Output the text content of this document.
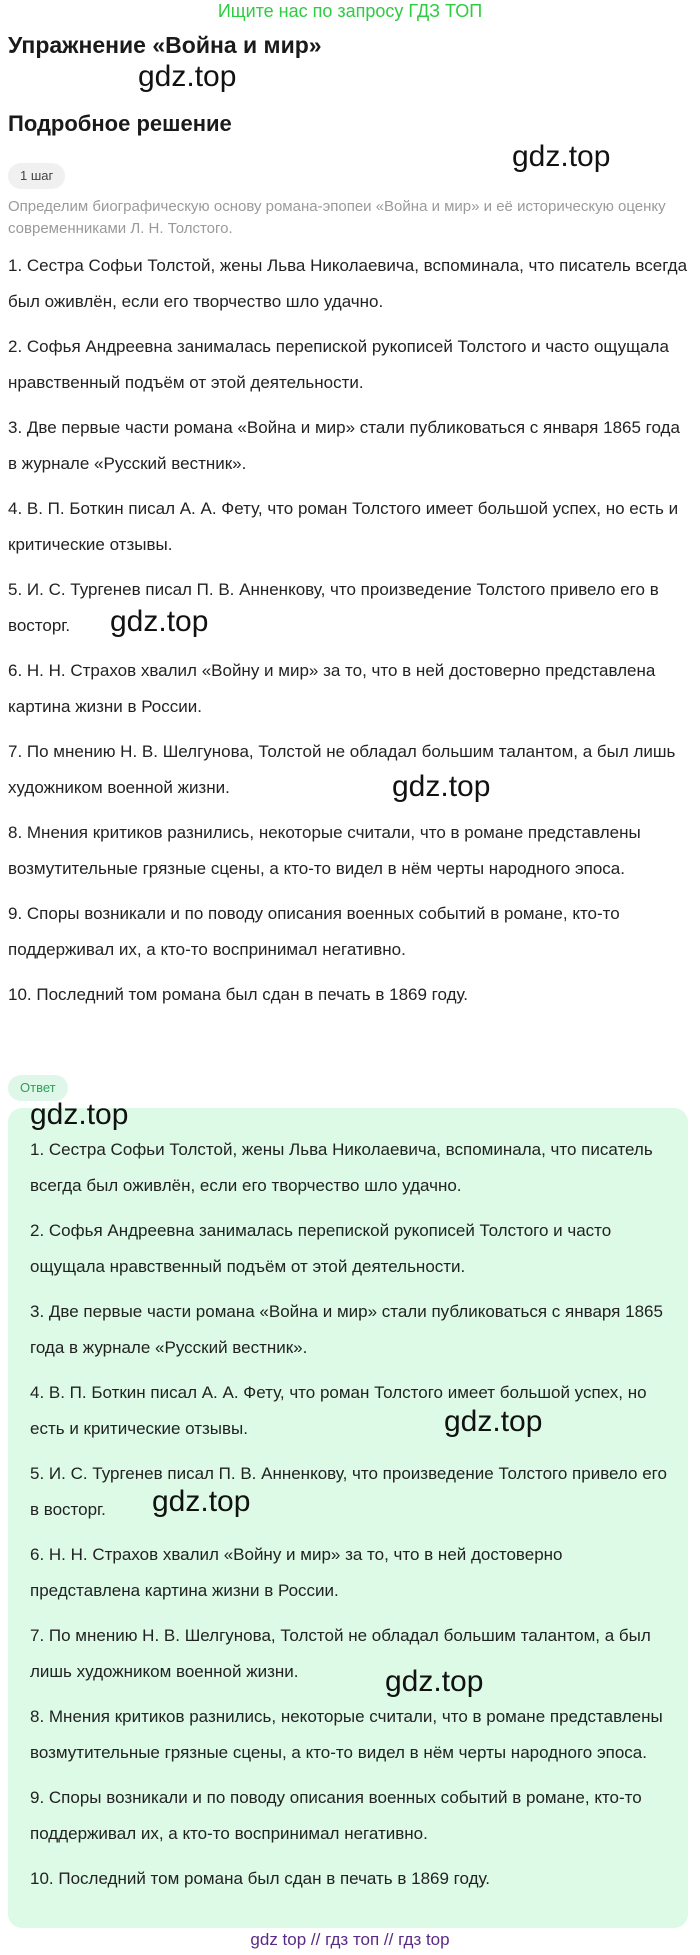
Ищите нас по запросу ГДЗ ТОП
Упражнение «Война и мир»
Подробное решение
1 шаг

Определим биографическую основу романа-эпопеи «Война и мир» и её историческую оценку современниками Л. Н. Толстого.

1. Сестра Софьи Толстой, жены Льва Николаевича, вспоминала, что писатель всегда был оживлён, если его творчество шло удачно.
2. Софья Андреевна занималась перепиской рукописей Толстого и часто ощущала нравственный подъём от этой деятельности.
3. Две первые части романа «Война и мир» стали публиковаться с января 1865 года в журнале «Русский вестник».
4. В. П. Боткин писал А. А. Фету, что роман Толстого имеет большой успех, но есть и критические отзывы.
5. И. С. Тургенев писал П. В. Анненкову, что произведение Толстого привело его в восторг.
6. Н. Н. Страхов хвалил «Войну и мир» за то, что в ней достоверно представлена картина жизни в России.
7. По мнению Н. В. Шелгунова, Толстой не обладал большим талантом, а был лишь художником военной жизни.
8. Мнения критиков разнились, некоторые считали, что в романе представлены возмутительные грязные сцены, а кто-то видел в нём черты народного эпоса.
9. Споры возникали и по поводу описания военных событий в романе, кто-то поддерживал их, а кто-то воспринимал негативно.
10. Последний том романа был сдан в печать в 1869 году.
Ответ
1. Сестра Софьи Толстой, жены Льва Николаевича, вспоминала, что писатель всегда был оживлён, если его творчество шло удачно.
2. Софья Андреевна занималась перепиской рукописей Толстого и часто ощущала нравственный подъём от этой деятельности.
3. Две первые части романа «Война и мир» стали публиковаться с января 1865 года в журнале «Русский вестник».
4. В. П. Боткин писал А. А. Фету, что роман Толстого имеет большой успех, но есть и критические отзывы.
5. И. С. Тургенев писал П. В. Анненкову, что произведение Толстого привело его в восторг.
6. Н. Н. Страхов хвалил «Войну и мир» за то, что в ней достоверно представлена картина жизни в России.
7. По мнению Н. В. Шелгунова, Толстой не обладал большим талантом, а был лишь художником военной жизни.
8. Мнения критиков разнились, некоторые считали, что в романе представлены возмутительные грязные сцены, а кто-то видел в нём черты народного эпоса.
9. Споры возникали и по поводу описания военных событий в романе, кто-то поддерживал их, а кто-то воспринимал негативно.
10. Последний том романа был сдан в печать в 1869 году.
gdz.top
gdz.top
gdz.top
gdz.top
gdz.top
gdz.top
gdz.top
gdz.top
gdz top // гдз топ // гдз top
